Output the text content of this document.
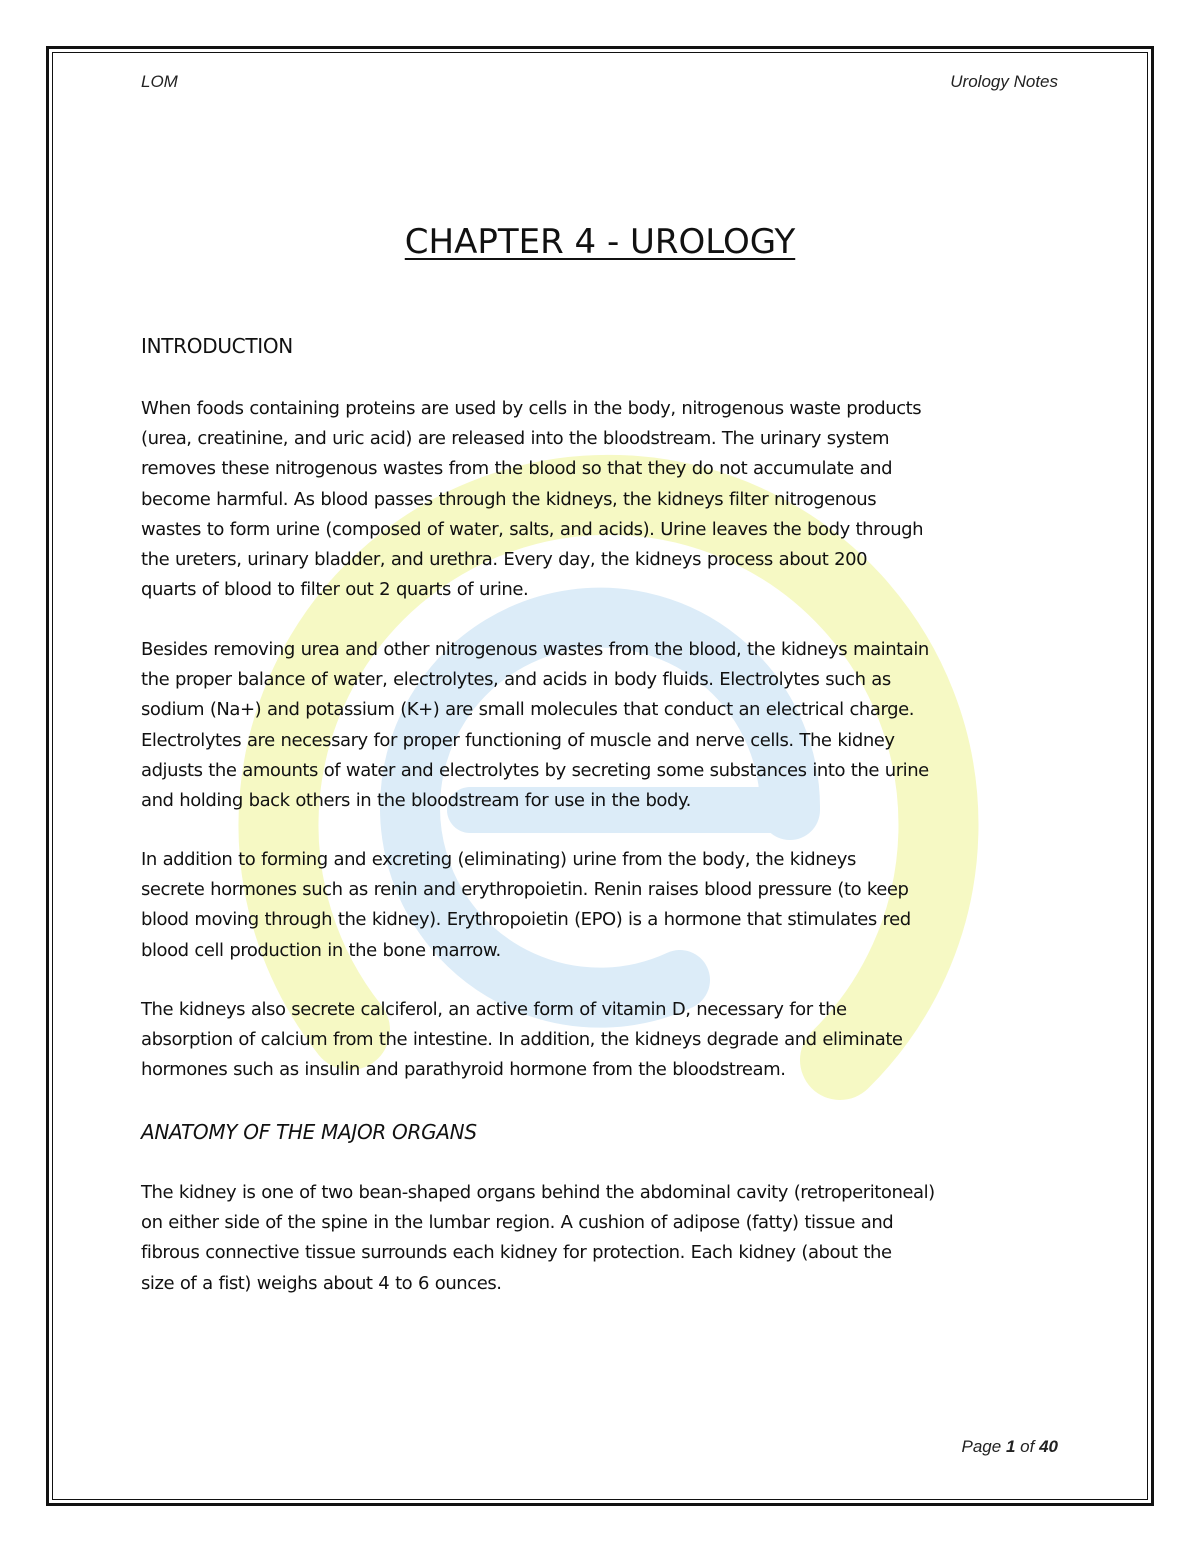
LOM	Urology Notes
CHAPTER 4 - UROLOGY
INTRODUCTION

When foods containing proteins are used by cells in the body, nitrogenous waste products
(urea, creatinine, and uric acid) are released into the bloodstream. The urinary system
removes these nitrogenous wastes from the blood so that they do not accumulate and
become harmful. As blood passes through the kidneys, the kidneys filter nitrogenous
wastes to form urine (composed of water, salts, and acids). Urine leaves the body through
the ureters, urinary bladder, and urethra. Every day, the kidneys process about 200
quarts of blood to filter out 2 quarts of urine.

Besides removing urea and other nitrogenous wastes from the blood, the kidneys maintain
the proper balance of water, electrolytes, and acids in body fluids. Electrolytes such as
sodium (Na+) and potassium (K+) are small molecules that conduct an electrical charge.
Electrolytes are necessary for proper functioning of muscle and nerve cells. The kidney
adjusts the amounts of water and electrolytes by secreting some substances into the urine
and holding back others in the bloodstream for use in the body.

In addition to forming and excreting (eliminating) urine from the body, the kidneys
secrete hormones such as renin and erythropoietin. Renin raises blood pressure (to keep
blood moving through the kidney). Erythropoietin (EPO) is a hormone that stimulates red
blood cell production in the bone marrow.

The kidneys also secrete calciferol, an active form of vitamin D, necessary for the
absorption of calcium from the intestine. In addition, the kidneys degrade and eliminate
hormones such as insulin and parathyroid hormone from the bloodstream.

ANATOMY OF THE MAJOR ORGANS

The kidney is one of two bean-shaped organs behind the abdominal cavity (retroperitoneal)
on either side of the spine in the lumbar region. A cushion of adipose (fatty) tissue and
fibrous connective tissue surrounds each kidney for protection. Each kidney (about the
size of a fist) weighs about 4 to 6 ounces.

Page 1 of 40
